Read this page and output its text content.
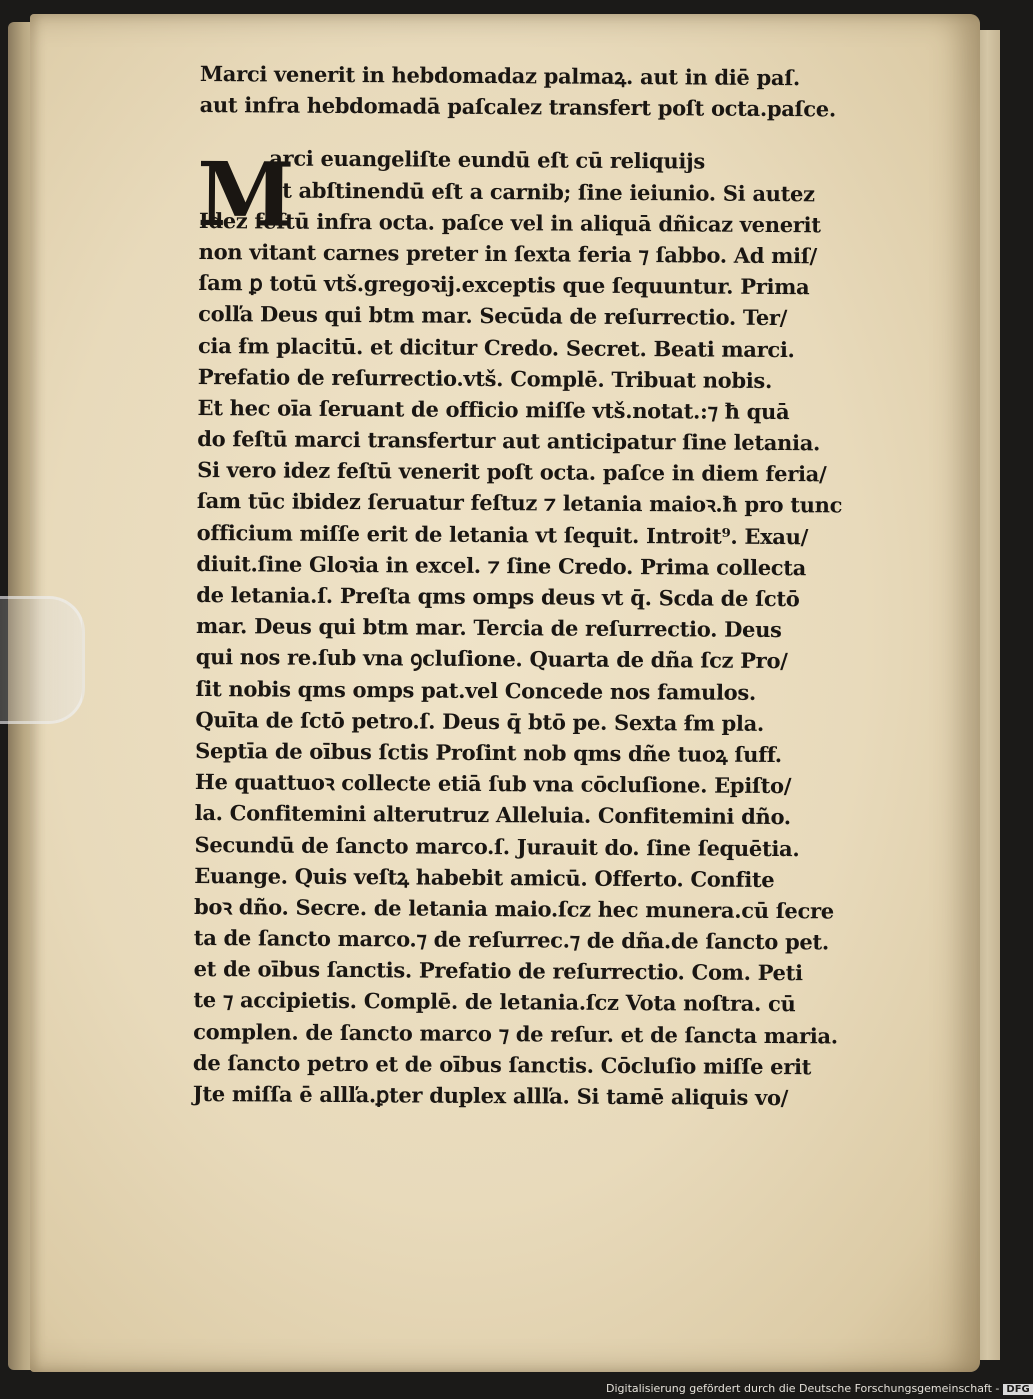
Marci venerit in hebdomadaz palmaꝝ. aut in diē paſ.
aut infra hebdomadā paſcalez transfert poſt octa.paſce.
M
arci euangeliſte eundū eſt cū reliquijs
et abſtinendū eſt a carnib; ſine ieiunio. Si autez
Idez feſtū infra octa. paſce vel in aliquā dñicaz venerit
non vitant carnes preter in ſexta feria ⁊ ſabbo. Ad miſ/
ſam ꝑ totū vtš.gregoꝛij.exceptis que ſequuntur. Prima
colľa Deus qui btm mar. Secūda de reſurrectio. Ter/
cia ẜm placitū. et dicitur Credo. Secret. Beati marci.
Prefatio de reſurrectio.vtš. Complē. Tribuat nobis.
Et hec oīa ſeruant de officio miſſe vtš.notat.:⁊ ħ quā
do feſtū marci transfertur aut anticipatur ſine letania.
Si vero idez feſtū venerit poſt octa. paſce in diem feria/
ſam tūc ibidez ſeruatur feſtuz ⁊ letania maioꝛ.ħ pro tunc
officium miſſe erit de letania vt ſequit. Introit⁹. Exau/
diuit.ſine Gloꝛia in excel. ⁊ ſine Credo. Prima collecta
de letania.ſ. Preſta qms omps deus vt q̄. Scda de ſctō
mar. Deus qui btm mar. Tercia de reſurrectio. Deus
qui nos re.ſub vna ꝯcluſione. Quarta de dña ſcz Pro/
ſit nobis qms omps pat.vel Concede nos famulos.
Quīta de ſctō petro.ſ. Deus q̄ btō pe. Sexta ẜm pla.
Septīa de oībus ſctis Proſint nob qms dñe tuoꝝ ſuff.
He quattuoꝛ collecte etiā ſub vna cōcluſione. Epiſto/
la. Confitemini alterutruz Alleluia. Confitemini dño.
Secundū de ſancto marco.ſ. Jurauit do. ſine ſequētia.
Euange. Quis veſtꝝ habebit amicū. Offerto. Confite
boꝛ dño. Secre. de letania maio.ſcz hec munera.cū ſecre
ta de ſancto marco.⁊ de reſurrec.⁊ de dña.de ſancto pet.
et de oībus ſanctis. Prefatio de reſurrectio. Com. Peti
te ⁊ accipietis. Complē. de letania.ſcz Vota noſtra. cū
complen. de ſancto marco ⁊ de reſur. et de ſancta maria.
de ſancto petro et de oībus ſanctis. Cōcluſio miſſe erit
Jte miſſa ē allľa.ꝑter duplex allľa. Si tamē aliquis vo/
Digitalisierung gefördert durch die Deutsche Forschungsgemeinschaft - DFG
